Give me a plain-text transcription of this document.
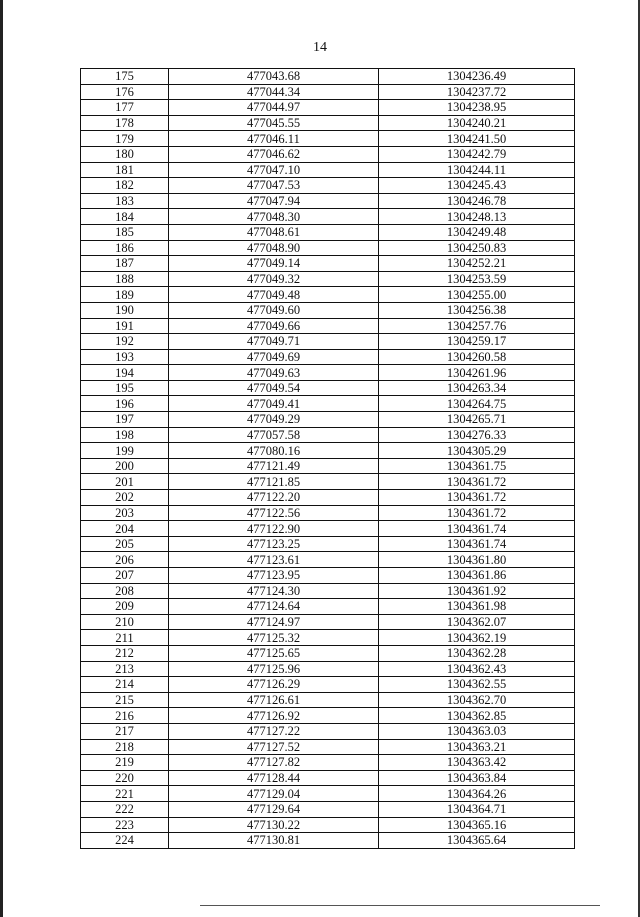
14
175	477043.68	1304236.49
176	477044.34	1304237.72
177	477044.97	1304238.95
178	477045.55	1304240.21
179	477046.11	1304241.50
180	477046.62	1304242.79
181	477047.10	1304244.11
182	477047.53	1304245.43
183	477047.94	1304246.78
184	477048.30	1304248.13
185	477048.61	1304249.48
186	477048.90	1304250.83
187	477049.14	1304252.21
188	477049.32	1304253.59
189	477049.48	1304255.00
190	477049.60	1304256.38
191	477049.66	1304257.76
192	477049.71	1304259.17
193	477049.69	1304260.58
194	477049.63	1304261.96
195	477049.54	1304263.34
196	477049.41	1304264.75
197	477049.29	1304265.71
198	477057.58	1304276.33
199	477080.16	1304305.29
200	477121.49	1304361.75
201	477121.85	1304361.72
202	477122.20	1304361.72
203	477122.56	1304361.72
204	477122.90	1304361.74
205	477123.25	1304361.74
206	477123.61	1304361.80
207	477123.95	1304361.86
208	477124.30	1304361.92
209	477124.64	1304361.98
210	477124.97	1304362.07
211	477125.32	1304362.19
212	477125.65	1304362.28
213	477125.96	1304362.43
214	477126.29	1304362.55
215	477126.61	1304362.70
216	477126.92	1304362.85
217	477127.22	1304363.03
218	477127.52	1304363.21
219	477127.82	1304363.42
220	477128.44	1304363.84
221	477129.04	1304364.26
222	477129.64	1304364.71
223	477130.22	1304365.16
224	477130.81	1304365.64
